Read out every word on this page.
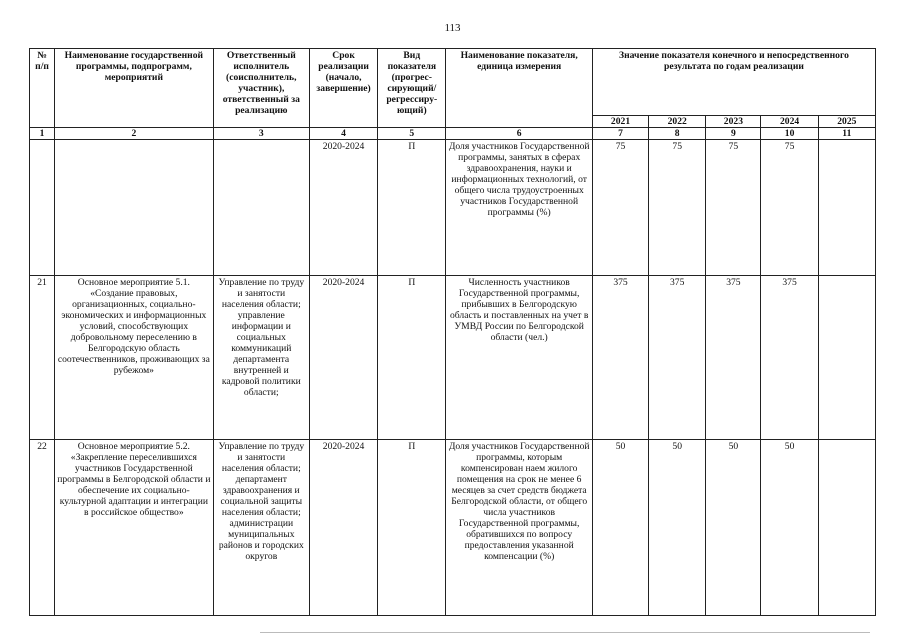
113
№ п/п	Наименование государственной программы, подпрограмм, мероприятий	Ответственный исполнитель (соисполнитель, участник), ответственный за реализацию	Срок реализации (начало, завершение)	Вид показателя (прогрес-сирующий/ регрессиру-ющий)	Наименование показателя, единица измерения	Значение показателя конечного и непосредственного результата по годам реализации				
						2021	2022	2023	2024	2025
1	2	3	4	5	6	7	8	9	10	11
			2020-2024	П	Доля участников Государственной программы, занятых в сферах здравоохранения, науки и информационных технологий, от общего числа трудоустроенных участников Государственной программы (%)	75	75	75	75	
21	Основное мероприятие 5.1. «Создание правовых, организационных, социально-экономических и информационных условий, способствующих добровольному переселению в Белгородскую область соотечественников, проживающих за рубежом»	Управление по труду и занятости населения области; управление информации и социальных коммуникаций департамента внутренней и кадровой политики области;	2020-2024	П	Численность участников Государственной программы, прибывших в Белгородскую область и поставленных на учет в УМВД России по Белгородской области (чел.)	375	375	375	375	
22	Основное мероприятие 5.2. «Закрепление переселившихся участников Государственной программы в Белгородской области и обеспечение их социально-культурной адаптации и интеграции в российское общество»	Управление по труду и занятости населения области; департамент здравоохранения и социальной защиты населения области; администрации муниципальных районов и городских округов	2020-2024	П	Доля участников Государственной программы, которым компенсирован наем жилого помещения на срок не менее 6 месяцев за счет средств бюджета Белгородской области, от общего числа участников Государственной программы, обратившихся по вопросу предоставления указанной компенсации (%)	50	50	50	50	
